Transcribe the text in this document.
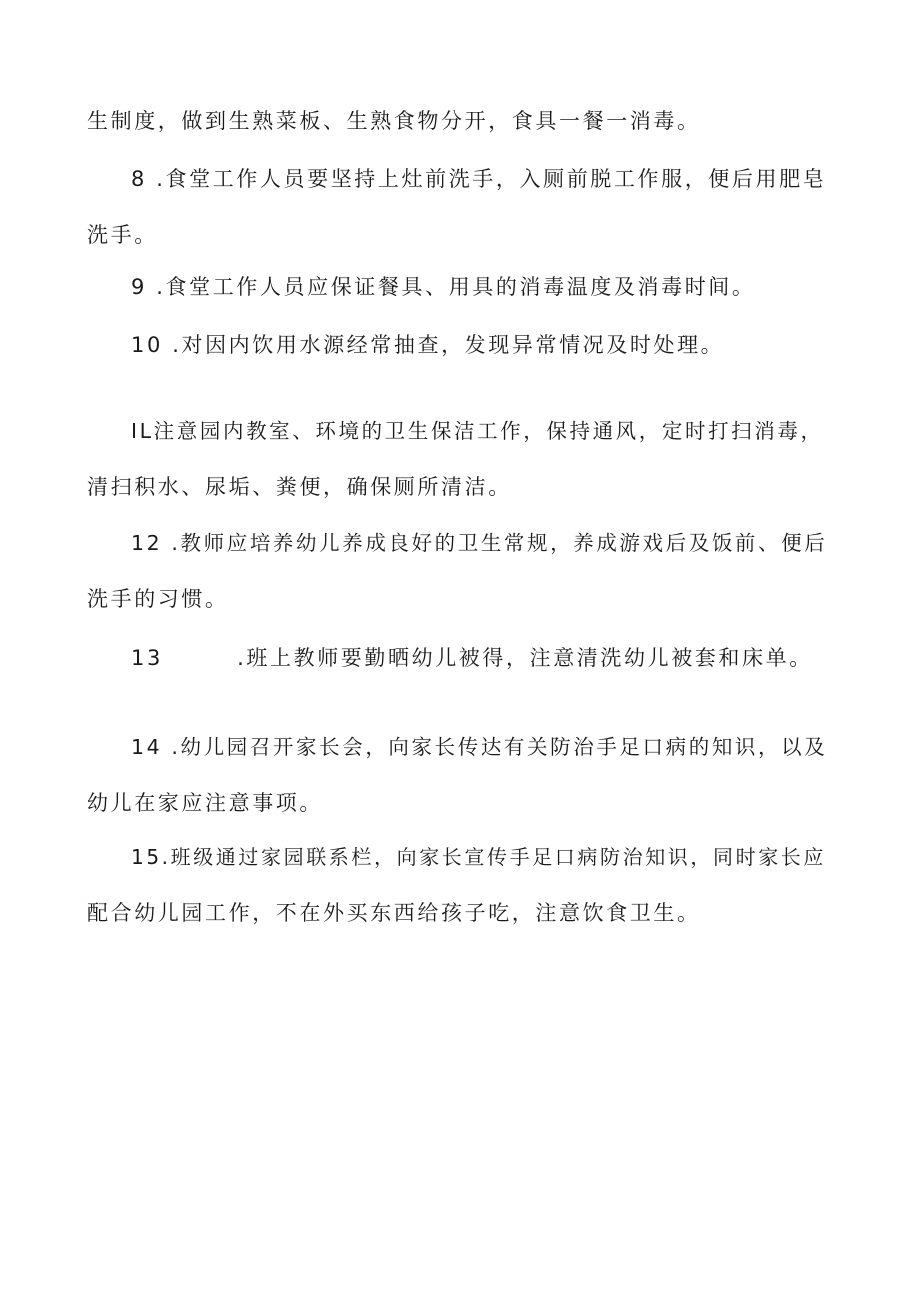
生制度，做到生熟菜板、生熟食物分开，食具一餐一消毒。
8 .食堂工作人员要坚持上灶前洗手，入厕前脱工作服，便后用肥皂
洗手。
9 .食堂工作人员应保证餐具、用具的消毒温度及消毒时间。
10 .对因内饮用水源经常抽查，发现异常情况及时处理。
IL注意园内教室、环境的卫生保洁工作，保持通风，定时打扫消毒，
清扫积水、尿垢、粪便，确保厕所清洁。
12 .教师应培养幼儿养成良好的卫生常规，养成游戏后及饭前、便后
洗手的习惯。
13        .班上教师要勤晒幼儿被得，注意清洗幼儿被套和床单。
14 .幼儿园召开家长会，向家长传达有关防治手足口病的知识，以及
幼儿在家应注意事项。
15.班级通过家园联系栏，向家长宣传手足口病防治知识，同时家长应
配合幼儿园工作，不在外买东西给孩子吃，注意饮食卫生。
